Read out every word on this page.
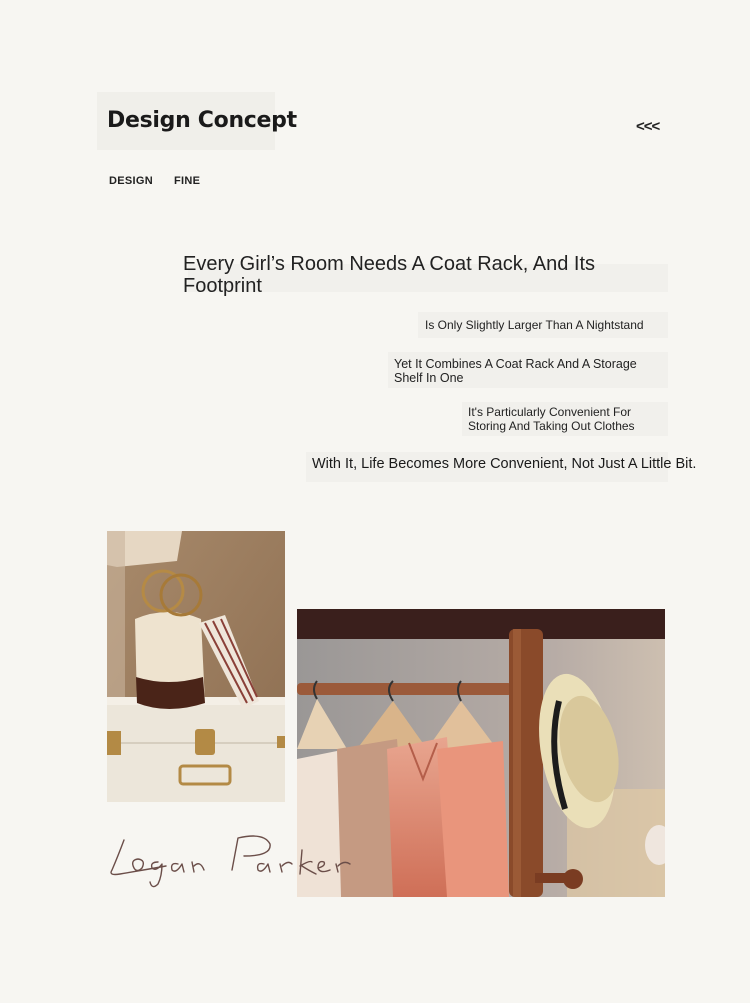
Design Concept	<<<
DESIGN FINE
Every Girl’s Room Needs A Coat Rack, And Its Footprint
Is Only Slightly Larger Than A Nightstand
Yet It Combines A Coat Rack And A Storage Shelf In One
It's Particularly Convenient For Storing And Taking Out Clothes
With It, Life Becomes More Convenient, Not Just A Little Bit.
